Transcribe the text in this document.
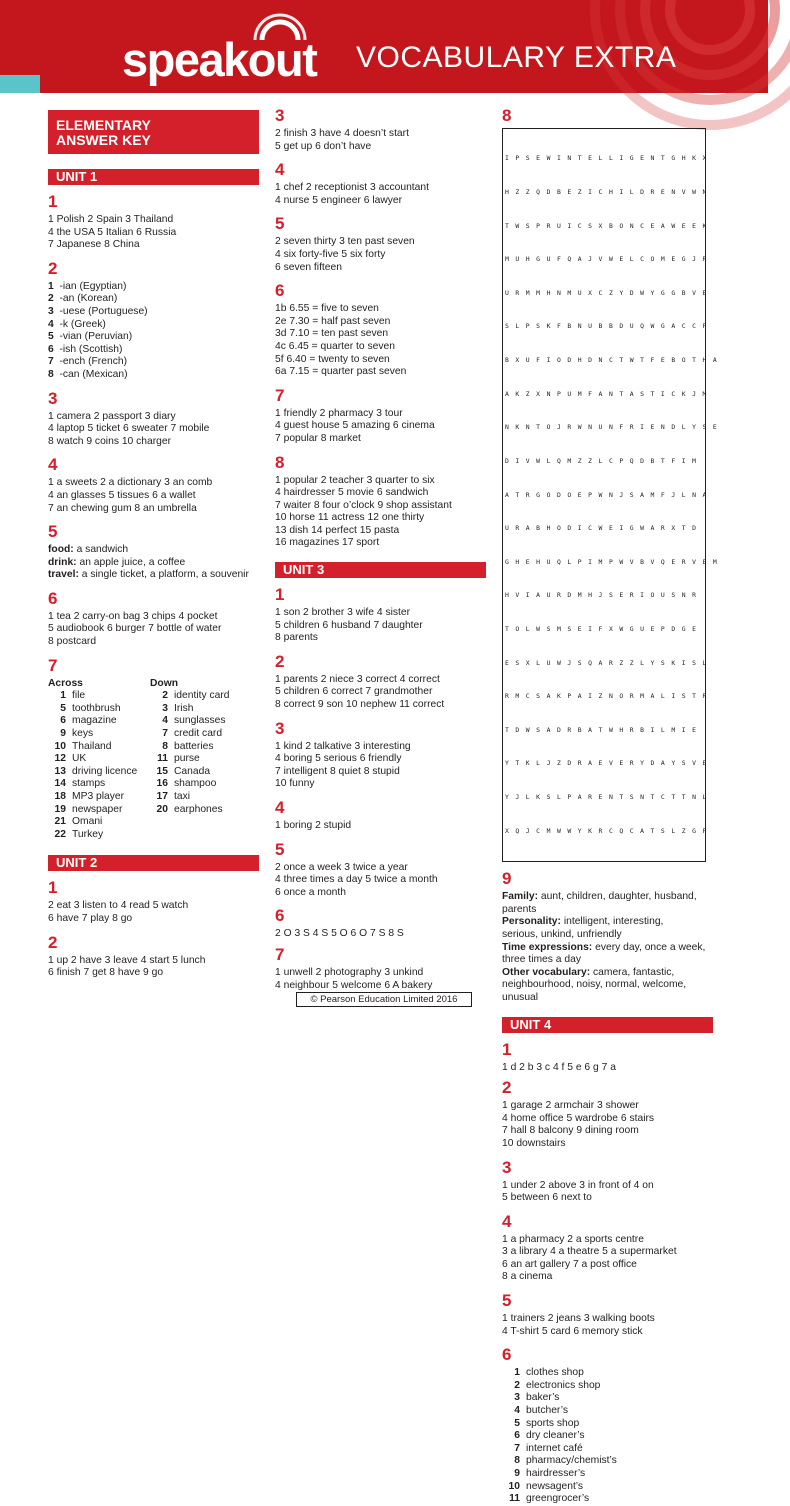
speakout VOCABULARY EXTRA
ELEMENTARY
ANSWER KEY
UNIT 1
1
1 Polish 2 Spain 3 Thailand
4 the USA 5 Italian 6 Russia
7 Japanese 8 China
2
1 -ian (Egyptian)
2 -an (Korean)
3 -uese (Portuguese)
4 -k (Greek)
5 -vian (Peruvian)
6 -ish (Scottish)
7 -ench (French)
8 -can (Mexican)
3
1 camera 2 passport 3 diary
4 laptop 5 ticket 6 sweater 7 mobile
8 watch 9 coins 10 charger
4
1 a sweets 2 a dictionary 3 an comb
4 an glasses 5 tissues 6 a wallet
7 an chewing gum 8 an umbrella
5
food: a sandwich
drink: an apple juice, a coffee
travel: a single ticket, a platform, a souvenir
6
1 tea 2 carry-on bag 3 chips 4 pocket
5 audiobook 6 burger 7 bottle of water
8 postcard
7
Across
1 file
5 toothbrush
6 magazine
9 keys
10 Thailand
12 UK
13 driving licence
14 stamps
18 MP3 player
19 newspaper
21 Omani
22 Turkey
Down
2 identity card
3 Irish
4 sunglasses
7 credit card
8 batteries
11 purse
15 Canada
16 shampoo
17 taxi
20 earphones
UNIT 2
1
2 eat 3 listen to 4 read 5 watch
6 have 7 play 8 go
2
1 up 2 have 3 leave 4 start 5 lunch
6 finish 7 get 8 have 9 go
3
2 finish 3 have 4 doesn’t start
5 get up 6 don’t have
4
1 chef 2 receptionist 3 accountant
4 nurse 5 engineer 6 lawyer
5
2 seven thirty 3 ten past seven
4 six forty-five 5 six forty
6 seven fifteen
6
1b 6.55 = five to seven
2e 7.30 = half past seven
3d 7.10 = ten past seven
4c 6.45 = quarter to seven
5f 6.40 = twenty to seven
6a 7.15 = quarter past seven
7
1 friendly 2 pharmacy 3 tour
4 guest house 5 amazing 6 cinema
7 popular 8 market
8
1 popular 2 teacher 3 quarter to six
4 hairdresser 5 movie 6 sandwich
7 waiter 8 four o’clock 9 shop assistant
10 horse 11 actress 12 one thirty
13 dish 14 perfect 15 pasta
16 magazines 17 sport
UNIT 3
1
1 son 2 brother 3 wife 4 sister
5 children 6 husband 7 daughter
8 parents
2
1 parents 2 niece 3 correct 4 correct
5 children 6 correct 7 grandmother
8 correct 9 son 10 nephew 11 correct
3
1 kind 2 talkative 3 interesting
4 boring 5 serious 6 friendly
7 intelligent 8 quiet 8 stupid
10 funny
4
1 boring 2 stupid
5
2 once a week 3 twice a year
4 three times a day 5 twice a month
6 once a month
6
2 O 3 S 4 S 5 O 6 O 7 S 8 S
7
1 unwell 2 photography 3 unkind
4 neighbour 5 welcome 6 A bakery
8

I P S E W I N T E L L I G E N T G H K X

H Z Z Q D B E Z I C H I L D R E N V W N

T W S P R U I C S X B O N C E A W E E K

M U H G U F Q A J V W E L C O M E G J R

U R M M H N M U X C Z Y D W Y G G B V E

S L P S K F B N U B B D U Q W G A C C P

B X U F I O D H D N C T W T F E B O T H A

A K Z X N P U M F A N T A S T I C K J M

N K N T O J R W N U N F R I E N D L Y S E

D I V W L Q M Z Z L C P Q D B T F I M

A T R G O D O E P W N J S A M F J L N A

U R A B H O D I C W E I G W A R X T D

G H E H U Q L P I M P W V B V Q E R V E M

H V I A U R D M H J S E R I O U S N R

T O L W S M S E I F X W G U E P D G E

E S X L U W J S Q A R Z Z L Y S K I S L

R M C S A K P A I Z N O R M A L I S T R

T D W S A D R B A T W H R B I L M I E

Y T K L J Z D R A E V E R Y D A Y S V E

Y J L K S L P A R E N T S N T C T T N L

X Q J C M W W Y K R C Q C A T S L Z G P

9
Family: aunt, children, daughter, husband,
parents
Personality: intelligent, interesting,
serious, unkind, unfriendly
Time expressions: every day, once a week,
three times a day
Other vocabulary: camera, fantastic,
neighbourhood, noisy, normal, welcome,
unusual
UNIT 4
1
1 d 2 b 3 c 4 f 5 e 6 g 7 a
2
1 garage 2 armchair 3 shower
4 home office 5 wardrobe 6 stairs
7 hall 8 balcony 9 dining room
10 downstairs
3
1 under 2 above 3 in front of 4 on
5 between 6 next to
4
1 a pharmacy 2 a sports centre
3 a library 4 a theatre 5 a supermarket
6 an art gallery 7 a post office
8 a cinema
5
1 trainers 2 jeans 3 walking boots
4 T-shirt 5 card 6 memory stick
6
1 clothes shop
2 electronics shop
3 baker’s
4 butcher’s
5 sports shop
6 dry cleaner’s
7 internet café
8 pharmacy/chemist’s
9 hairdresser’s
10 newsagent’s
11 greengrocer’s
© Pearson Education Limited 2016
